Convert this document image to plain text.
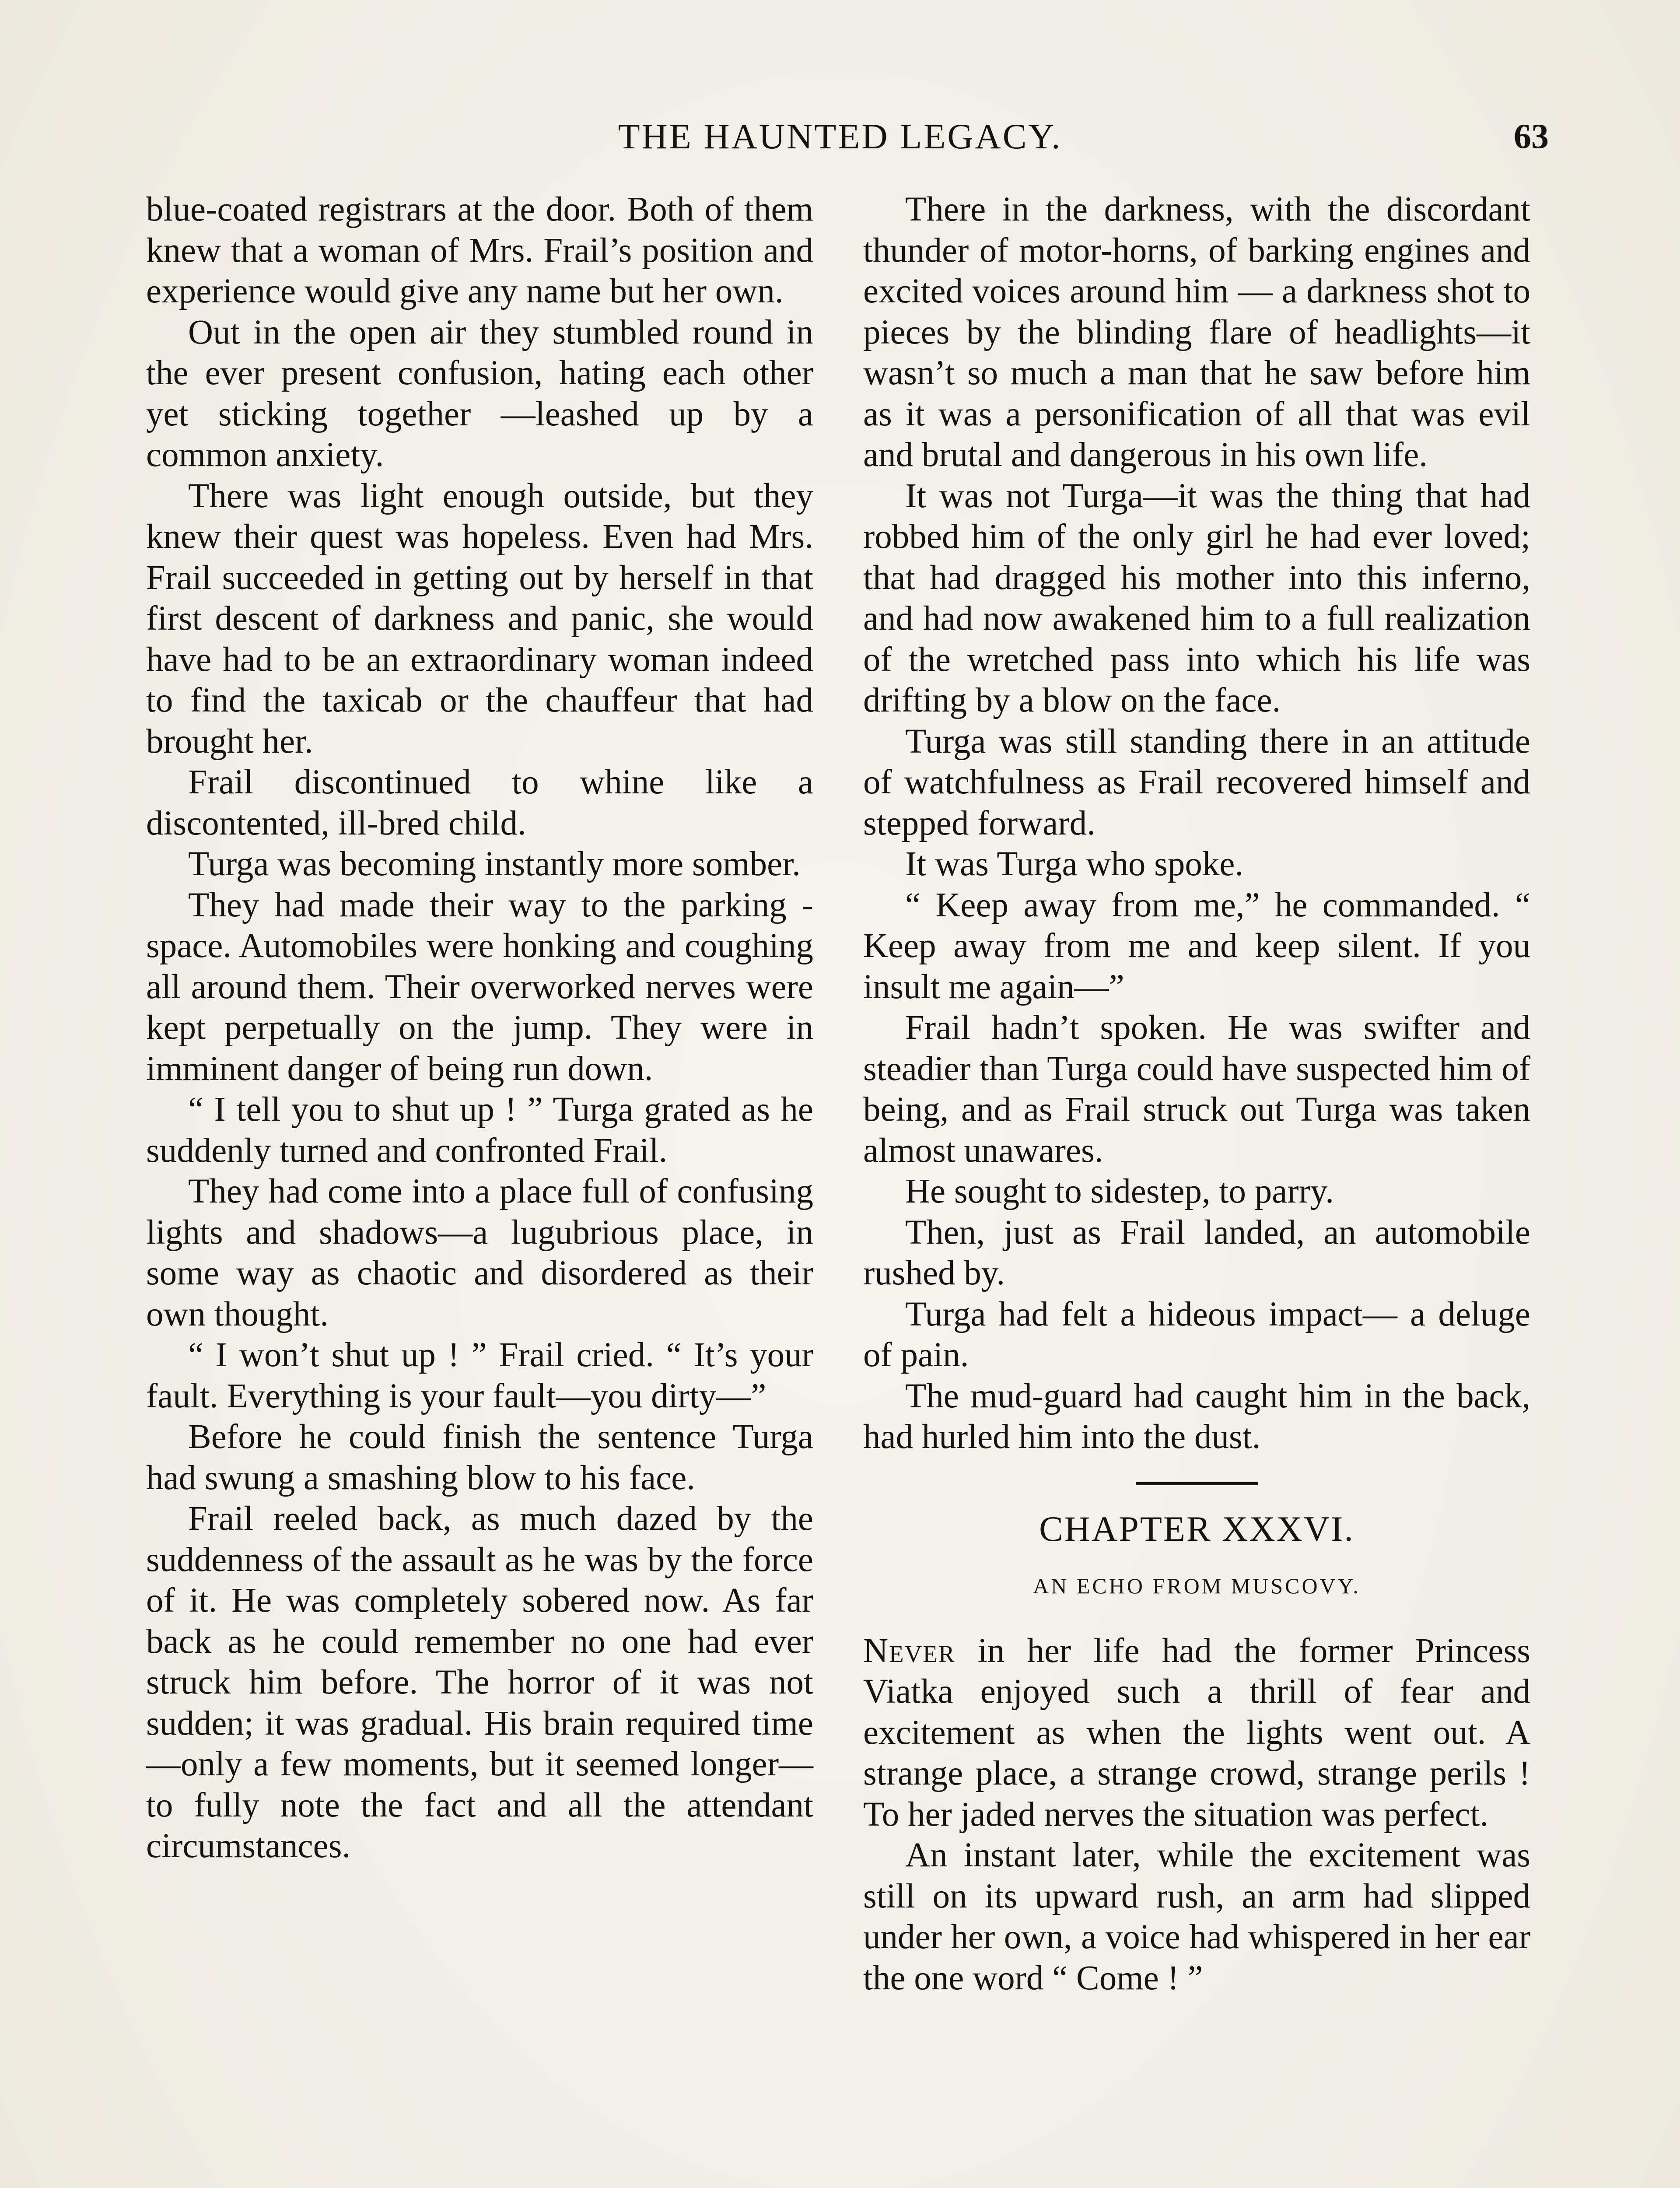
THE HAUNTED LEGACY.	63

blue-coated registrars at the door. Both of them knew that a woman of Mrs. Frail’s position and experience would give any name but her own.

Out in the open air they stumbled round in the ever present confusion, hating each other yet sticking together —leashed up by a common anxiety.

There was light enough outside, but they knew their quest was hopeless. Even had Mrs. Frail succeeded in getting out by herself in that first descent of darkness and panic, she would have had to be an extraordinary woman indeed to find the taxicab or the chauffeur that had brought her.

Frail discontinued to whine like a discontented, ill-bred child.

Turga was becoming instantly more somber.

They had made their way to the parking - space. Automobiles were honking and coughing all around them. Their overworked nerves were kept perpetually on the jump. They were in imminent danger of being run down.

“ I tell you to shut up ! ” Turga grated as he suddenly turned and confronted Frail.

They had come into a place full of confusing lights and shadows—a lugubrious place, in some way as chaotic and disordered as their own thought.

“ I won’t shut up ! ” Frail cried. “ It’s your fault. Everything is your fault—you dirty—”

Before he could finish the sentence Turga had swung a smashing blow to his face.

Frail reeled back, as much dazed by the suddenness of the assault as he was by the force of it. He was completely sobered now. As far back as he could remember no one had ever struck him before. The horror of it was not sudden; it was gradual. His brain required time—only a few moments, but it seemed longer—to fully note the fact and all the attendant circumstances.

There in the darkness, with the discordant thunder of motor-horns, of barking engines and excited voices around him — a darkness shot to pieces by the blinding flare of headlights—it wasn’t so much a man that he saw before him as it was a personification of all that was evil and brutal and dangerous in his own life.

It was not Turga—it was the thing that had robbed him of the only girl he had ever loved; that had dragged his mother into this inferno, and had now awakened him to a full realization of the wretched pass into which his life was drifting by a blow on the face.

Turga was still standing there in an attitude of watchfulness as Frail recovered himself and stepped forward.

It was Turga who spoke.

“ Keep away from me,” he commanded. “ Keep away from me and keep silent. If you insult me again—”

Frail hadn’t spoken. He was swifter and steadier than Turga could have suspected him of being, and as Frail struck out Turga was taken almost unawares.

He sought to sidestep, to parry.

Then, just as Frail landed, an automobile rushed by.

Turga had felt a hideous impact— a deluge of pain.

The mud-guard had caught him in the back, had hurled him into the dust.

CHAPTER XXXVI.
AN ECHO FROM MUSCOVY.

Never in her life had the former Princess Viatka enjoyed such a thrill of fear and excitement as when the lights went out. A strange place, a strange crowd, strange perils ! To her jaded nerves the situation was perfect.

An instant later, while the excitement was still on its upward rush, an arm had slipped under her own, a voice had whispered in her ear the one word “ Come ! ”
